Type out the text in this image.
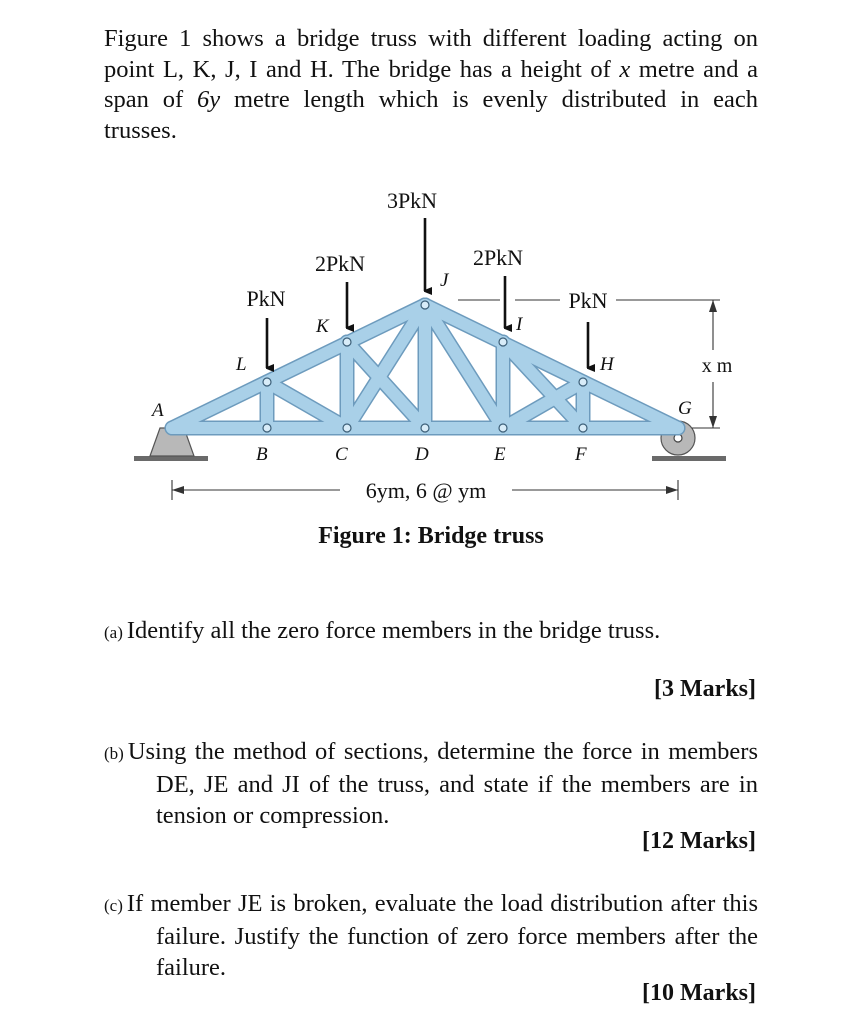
Figure 1 shows a bridge truss with different loading acting on point L, K, J, I and H. The bridge has a height of x metre and a span of 6y metre length which is evenly distributed in each trusses.
3PkN
2PkN	2PkN
PkN	PkN
x m
6ym, 6 @ ym
A
B	C	D	E	F
G
H
I
J
K
L
Figure 1: Bridge truss
(a) Identify all the zero force members in the bridge truss.
[3 Marks]
(b) Using the method of sections, determine the force in members DE, JE and JI of the truss, and state if the members are in tension or compression.
[12 Marks]
(c) If member JE is broken, evaluate the load distribution after this failure. Justify the function of zero force members after the failure.
[10 Marks]
